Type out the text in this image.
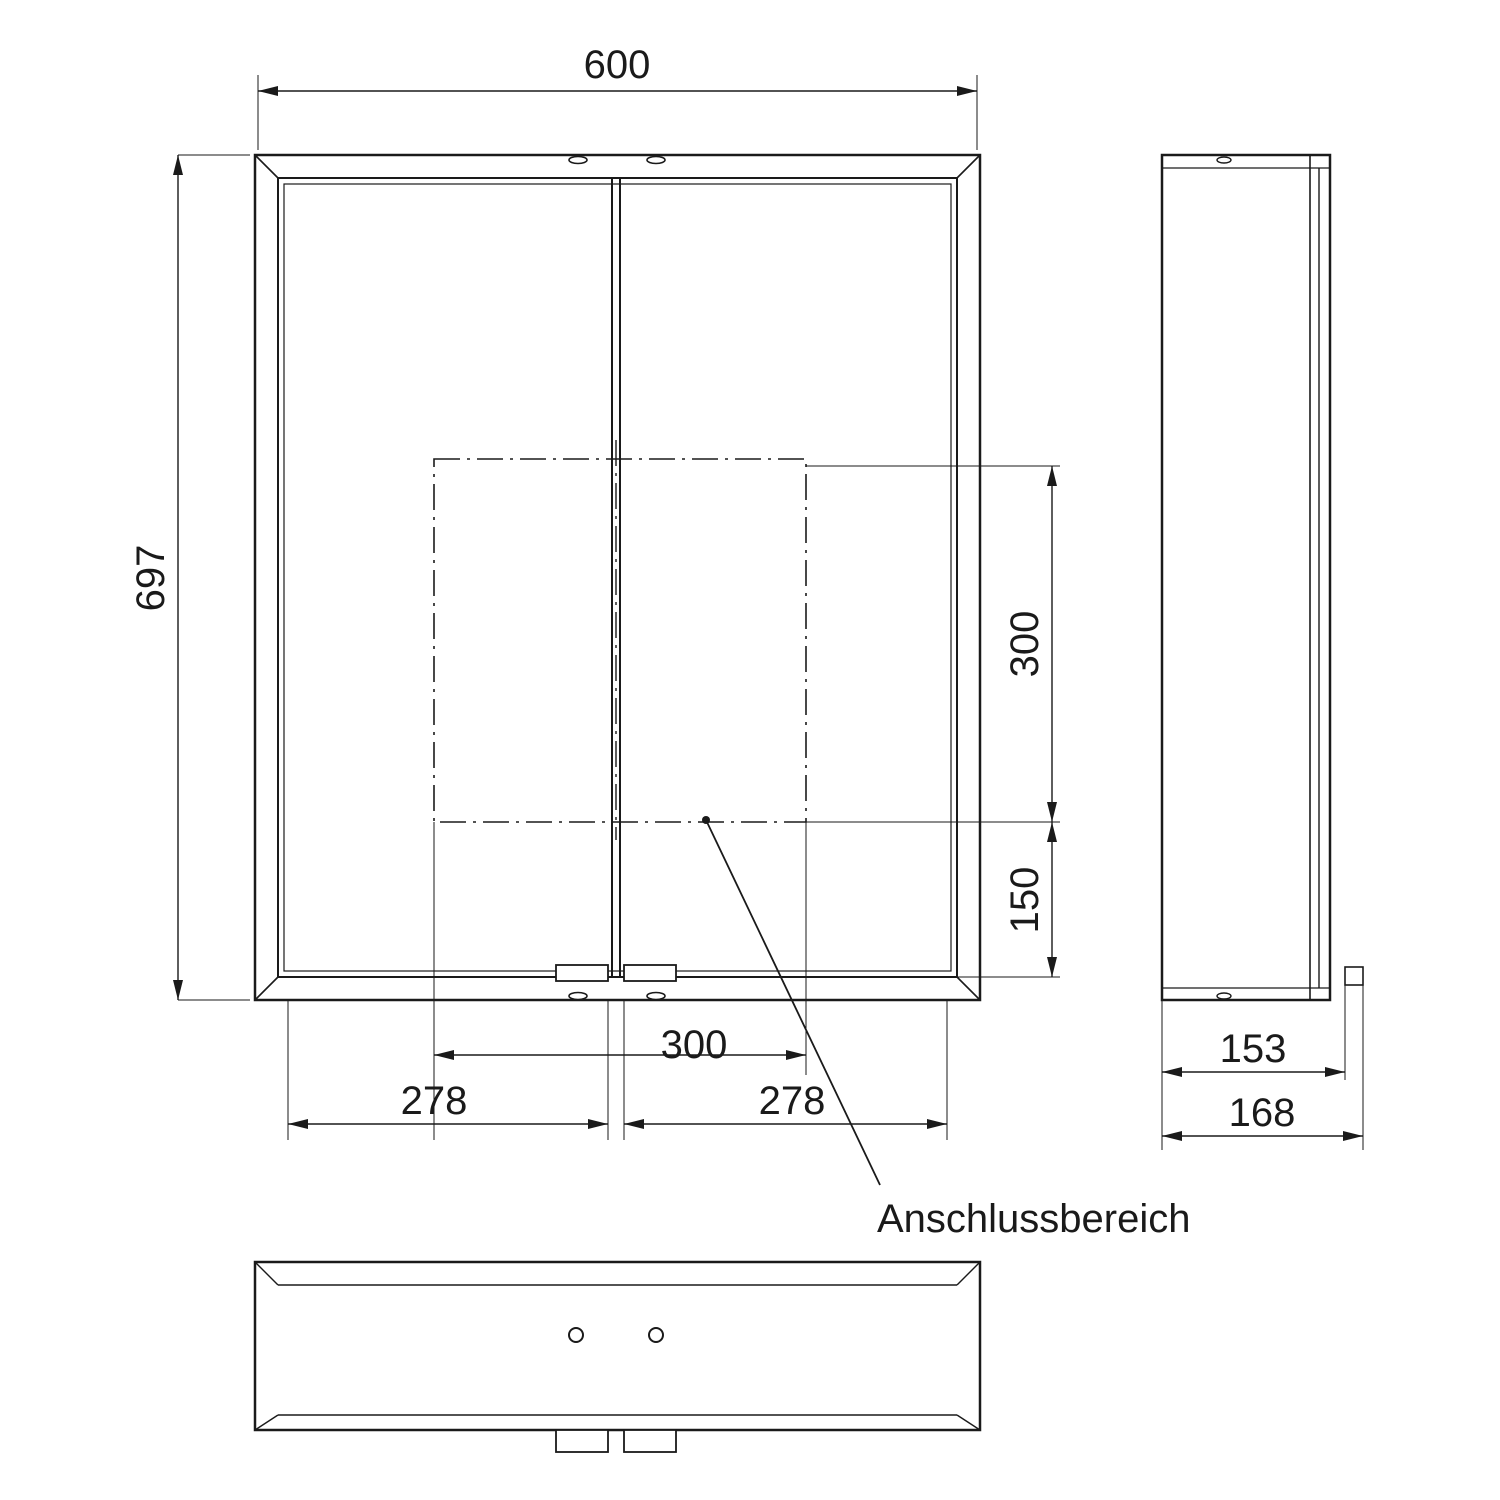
600
697
300
150
300
278	278
Anschlussbereich
153
168
